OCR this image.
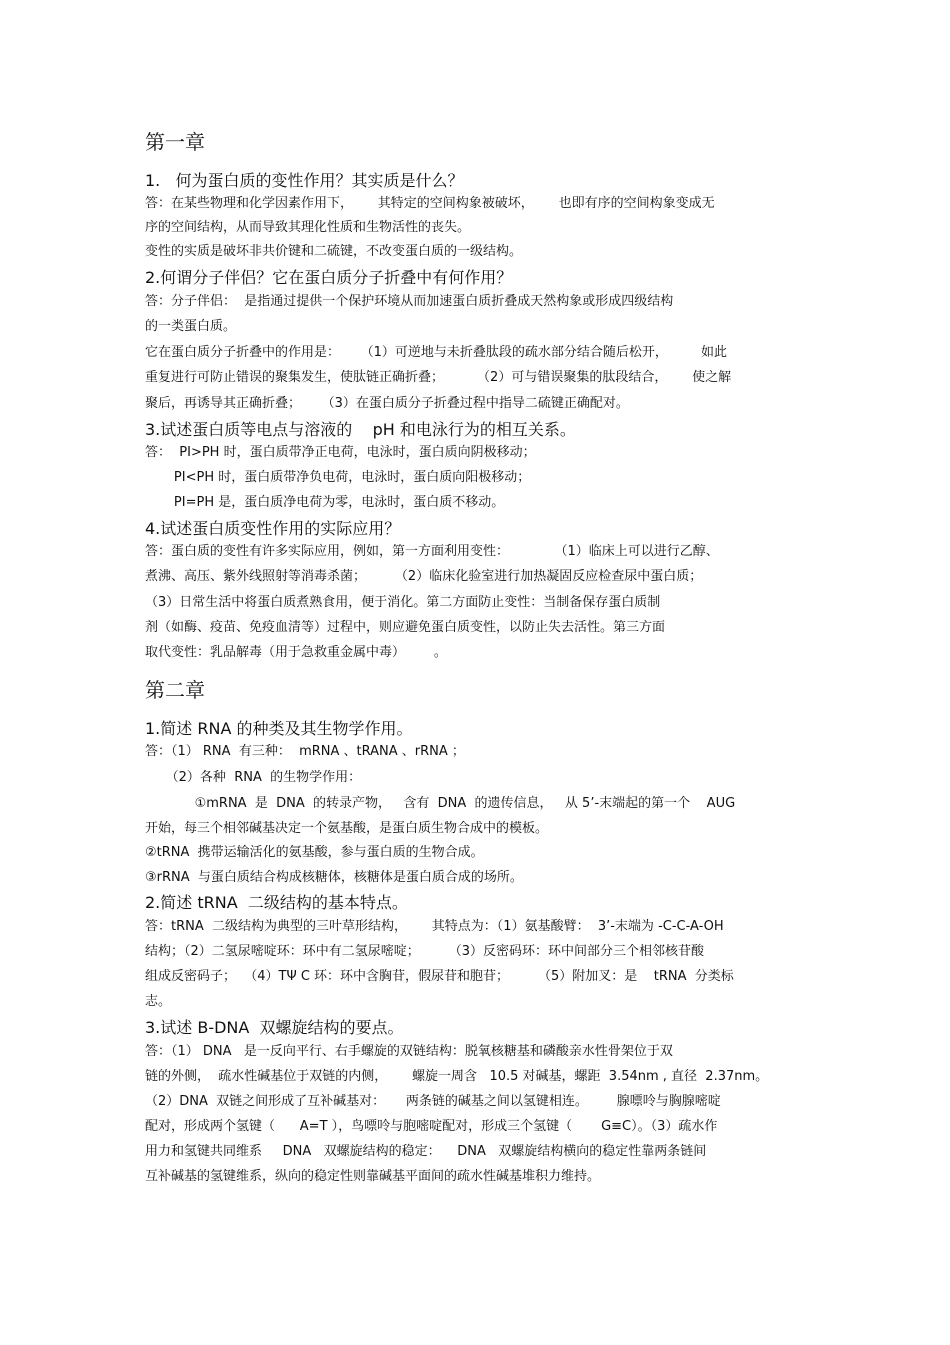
第一章
1.   何为蛋白质的变性作用？其实质是什么？
答：在某些物理和化学因素作用下，      其特定的空间构象被破坏，      也即有序的空间构象变成无
序的空间结构，从而导致其理化性质和生物活性的丧失。
变性的实质是破坏非共价键和二硫键，不改变蛋白质的一级结构。
2.何谓分子伴侣？它在蛋白质分子折叠中有何作用？
答：分子伴侣：  是指通过提供一个保护环境从而加速蛋白质折叠成天然构象或形成四级结构
的一类蛋白质。
它在蛋白质分子折叠中的作用是：     （1）可逆地与未折叠肽段的疏水部分结合随后松开，        如此
重复进行可防止错误的聚集发生，使肽链正确折叠；        （2）可与错误聚集的肽段结合，      使之解
聚后，再诱导其正确折叠；     （3）在蛋白质分子折叠过程中指导二硫键正确配对。
3.试述蛋白质等电点与溶液的    pH 和电泳行为的相互关系。
答：  PI>PH 时，蛋白质带净正电荷，电泳时，蛋白质向阴极移动；
PI<PH 时，蛋白质带净负电荷，电泳时，蛋白质向阳极移动；
PI=PH 是，蛋白质净电荷为零，电泳时，蛋白质不移动。
4.试述蛋白质变性作用的实际应用？
答：蛋白质的变性有许多实际应用，例如，第一方面利用变性：           （1）临床上可以进行乙醇、
煮沸、高压、紫外线照射等消毒杀菌；       （2）临床化验室进行加热凝固反应检查尿中蛋白质；
（3）日常生活中将蛋白质煮熟食用，便于消化。第二方面防止变性：当制备保存蛋白质制
剂（如酶、疫苗、免疫血清等）过程中，则应避免蛋白质变性，以防止失去活性。第三方面
取代变性：乳品解毒（用于急救重金属中毒）       。
第二章
1.简述 RNA 的种类及其生物学作用。
答：（1） RNA  有三种：  mRNA 、tRANA 、rRNA ；
（2）各种  RNA  的生物学作用：
①mRNA  是  DNA  的转录产物，   含有  DNA  的遗传信息，   从 5’-末端起的第一个    AUG
开始，每三个相邻碱基决定一个氨基酸，是蛋白质生物合成中的模板。
②tRNA  携带运输活化的氨基酸，参与蛋白质的生物合成。
③rRNA  与蛋白质结合构成核糖体，核糖体是蛋白质合成的场所。
2.简述 tRNA  二级结构的基本特点。
答：tRNA  二级结构为典型的三叶草形结构，      其特点为：（1）氨基酸臂：  3’-末端为 -C-C-A-OH
结构；（2）二氢尿嘧啶环：环中有二氢尿嘧啶；       （3）反密码环：环中间部分三个相邻核苷酸
组成反密码子；  （4）TΨ C 环：环中含胸苷，假尿苷和胞苷；       （5）附加叉：是    tRNA  分类标
志。
3.试述 B-DNA  双螺旋结构的要点。
答：（1） DNA   是一反向平行、右手螺旋的双链结构：脱氧核糖基和磷酸亲水性骨架位于双
链的外侧，  疏水性碱基位于双链的内侧，      螺旋一周含   10.5 对碱基，螺距  3.54nm , 直径  2.37nm。
（2）DNA  双链之间形成了互补碱基对：     两条链的碱基之间以氢键相连。       腺嘌呤与胸腺嘧啶
配对，形成两个氢键（      A=T ），鸟嘌呤与胞嘧啶配对，形成三个氢键（       G≡C）。（3）疏水作
用力和氢键共同维系     DNA   双螺旋结构的稳定：    DNA   双螺旋结构横向的稳定性靠两条链间
互补碱基的氢键维系，纵向的稳定性则靠碱基平面间的疏水性碱基堆积力维持。
